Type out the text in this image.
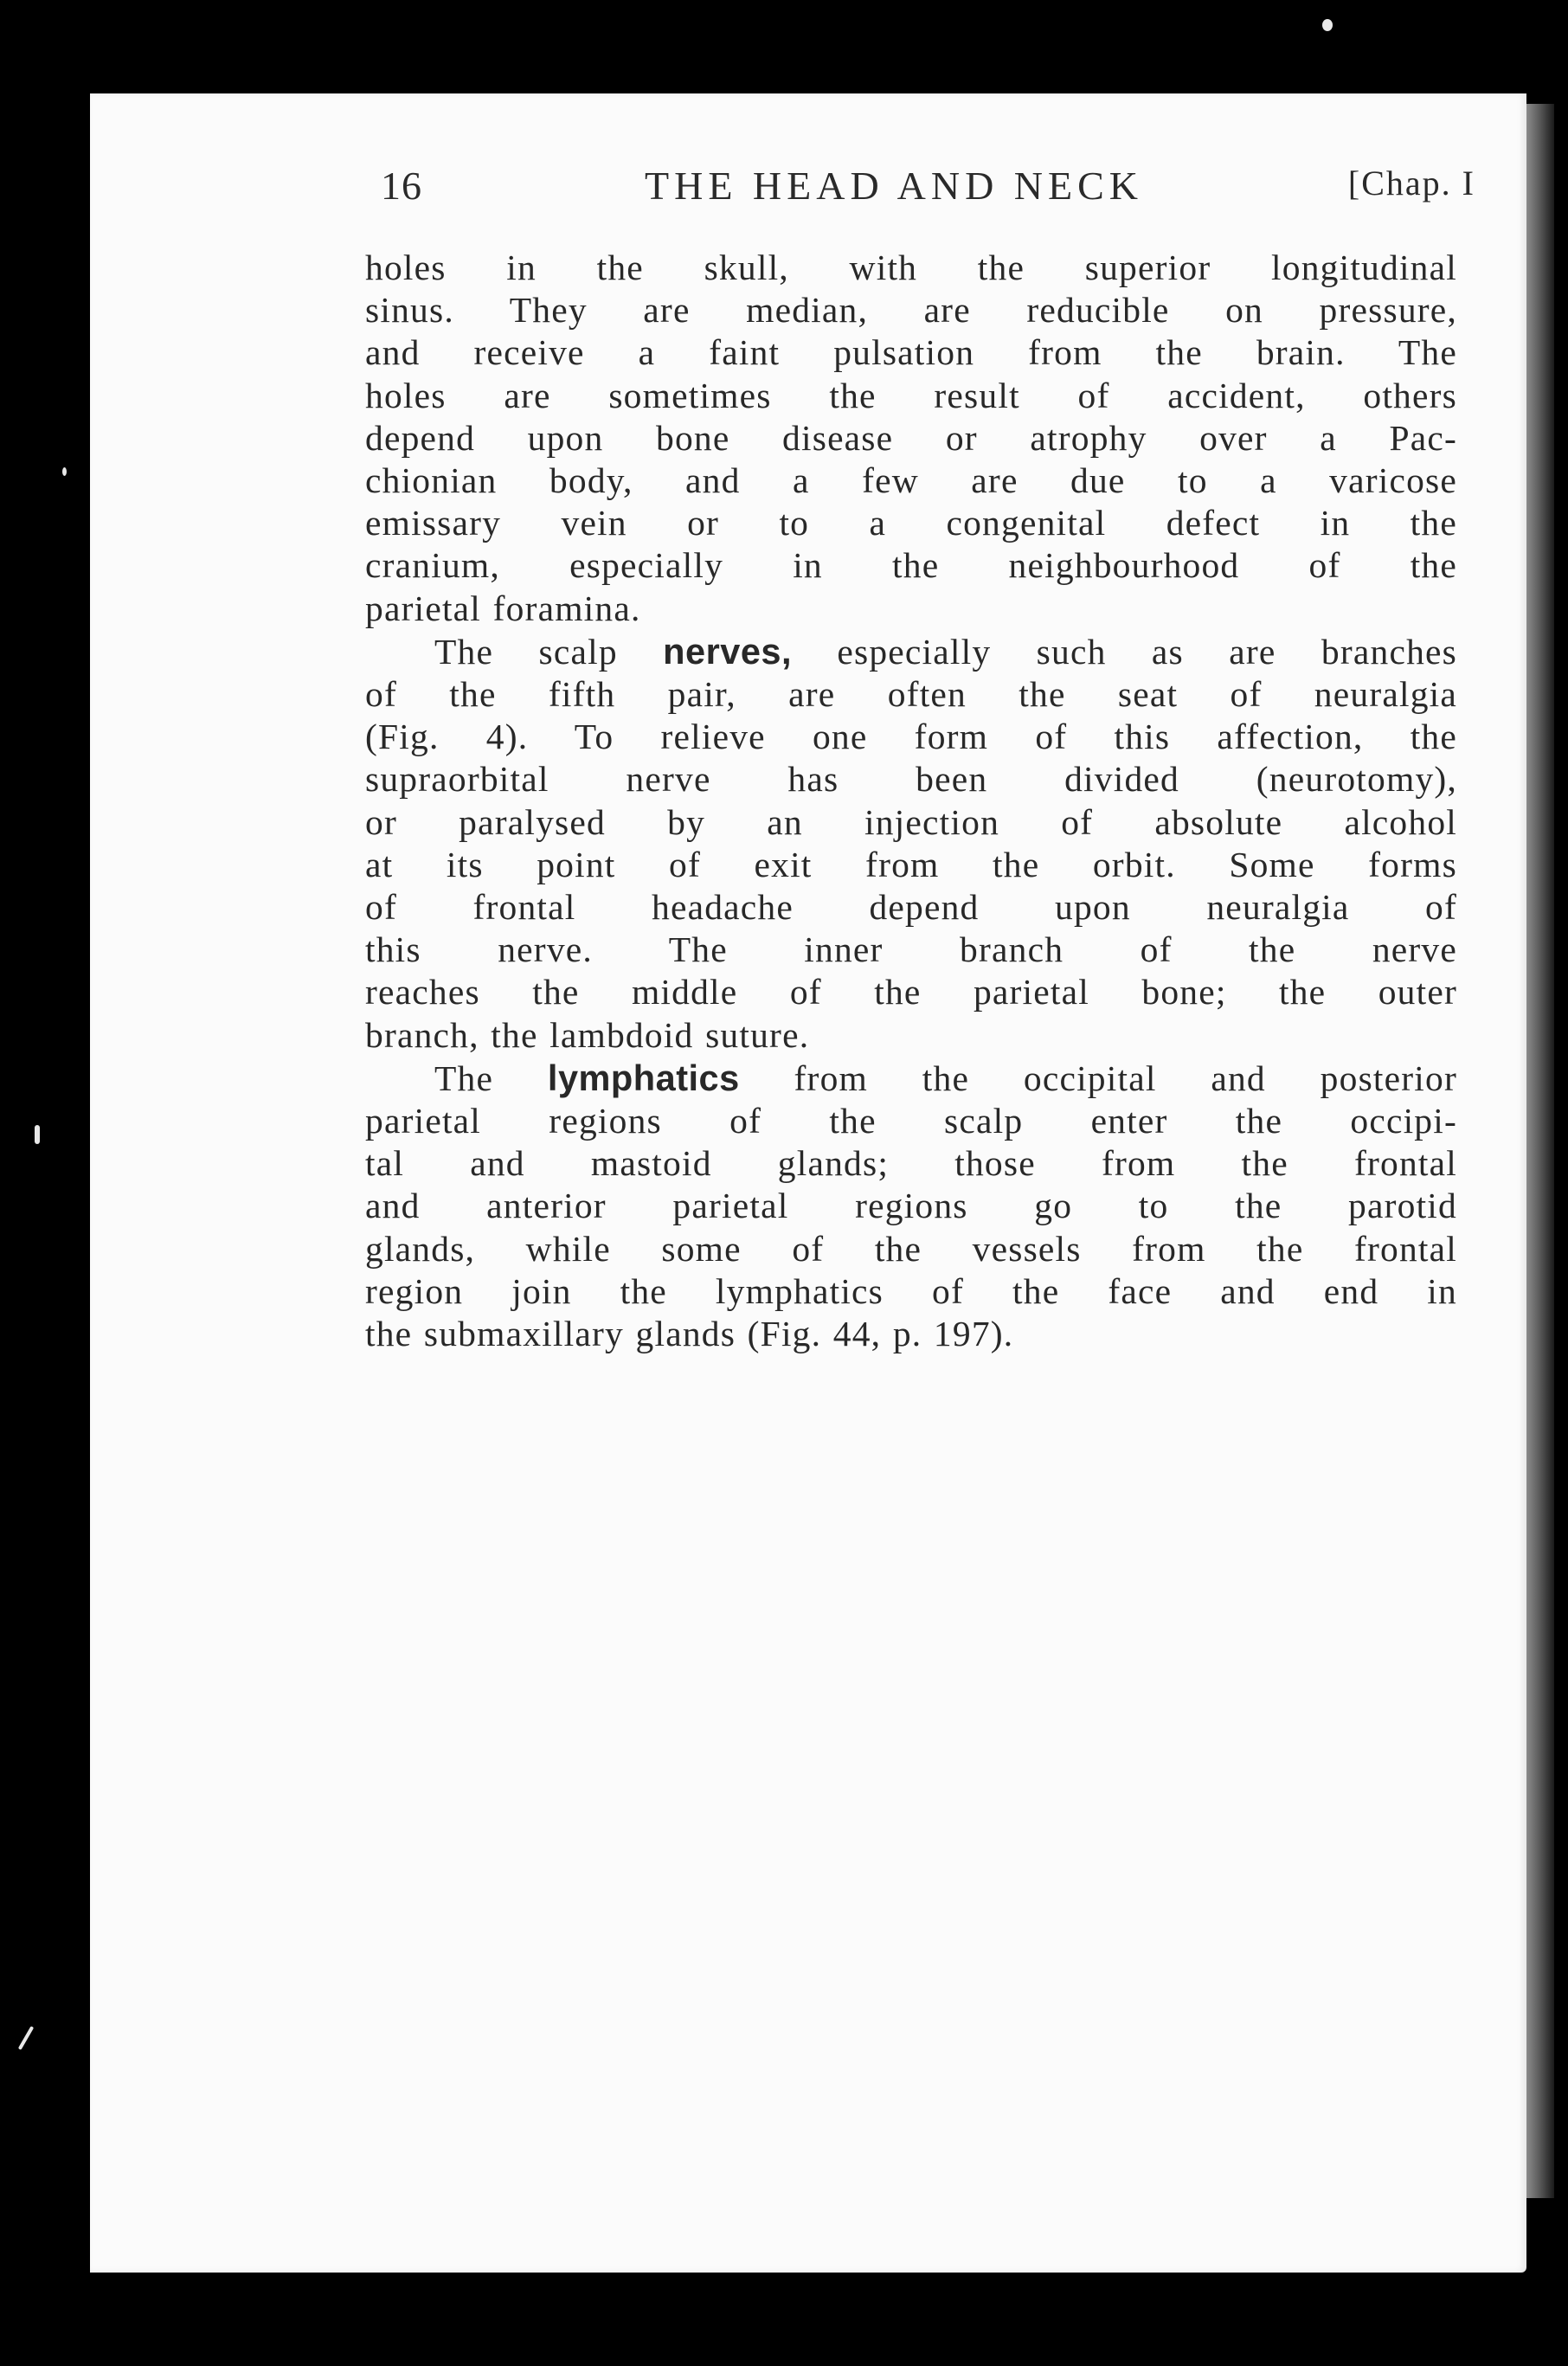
16	THE HEAD AND NECK	[Chap. I
holes in the skull, with the superior longitudinal
sinus. They are median, are reducible on pressure,
and receive a faint pulsation from the brain. The
holes are sometimes the result of accident, others
depend upon bone disease or atrophy over a Pac-
chionian body, and a few are due to a varicose
emissary vein or to a congenital defect in the
cranium, especially in the neighbourhood of the
parietal foramina.
The scalp nerves, especially such as are branches
of the fifth pair, are often the seat of neuralgia
(Fig. 4). To relieve one form of this affection, the
supraorbital nerve has been divided (neurotomy),
or paralysed by an injection of absolute alcohol
at its point of exit from the orbit. Some forms
of frontal headache depend upon neuralgia of
this nerve. The inner branch of the nerve
reaches the middle of the parietal bone; the outer
branch, the lambdoid suture.
The lymphatics from the occipital and posterior
parietal regions of the scalp enter the occipi-
tal and mastoid glands; those from the frontal
and anterior parietal regions go to the parotid
glands, while some of the vessels from the frontal
region join the lymphatics of the face and end in
the submaxillary glands (Fig. 44, p. 197).
